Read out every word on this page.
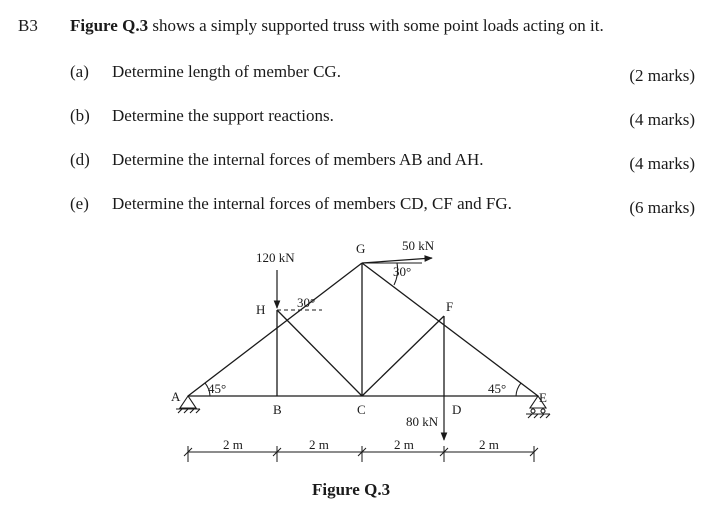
B3 Figure Q.3 shows a simply supported truss with some point loads acting on it.
(a) Determine length of member CG.	(2 marks)
(b) Determine the support reactions.	(4 marks)
(d) Determine the internal forces of members AB and AH.	(4 marks)
(e) Determine the internal forces of members CD, CF and FG.	(6 marks)
A
B	C	D
E
F
G
H
120 kN
50 kN
80 kN
45°	45°
30°
30°
2 m	2 m	2 m	2 m
Figure Q.3
